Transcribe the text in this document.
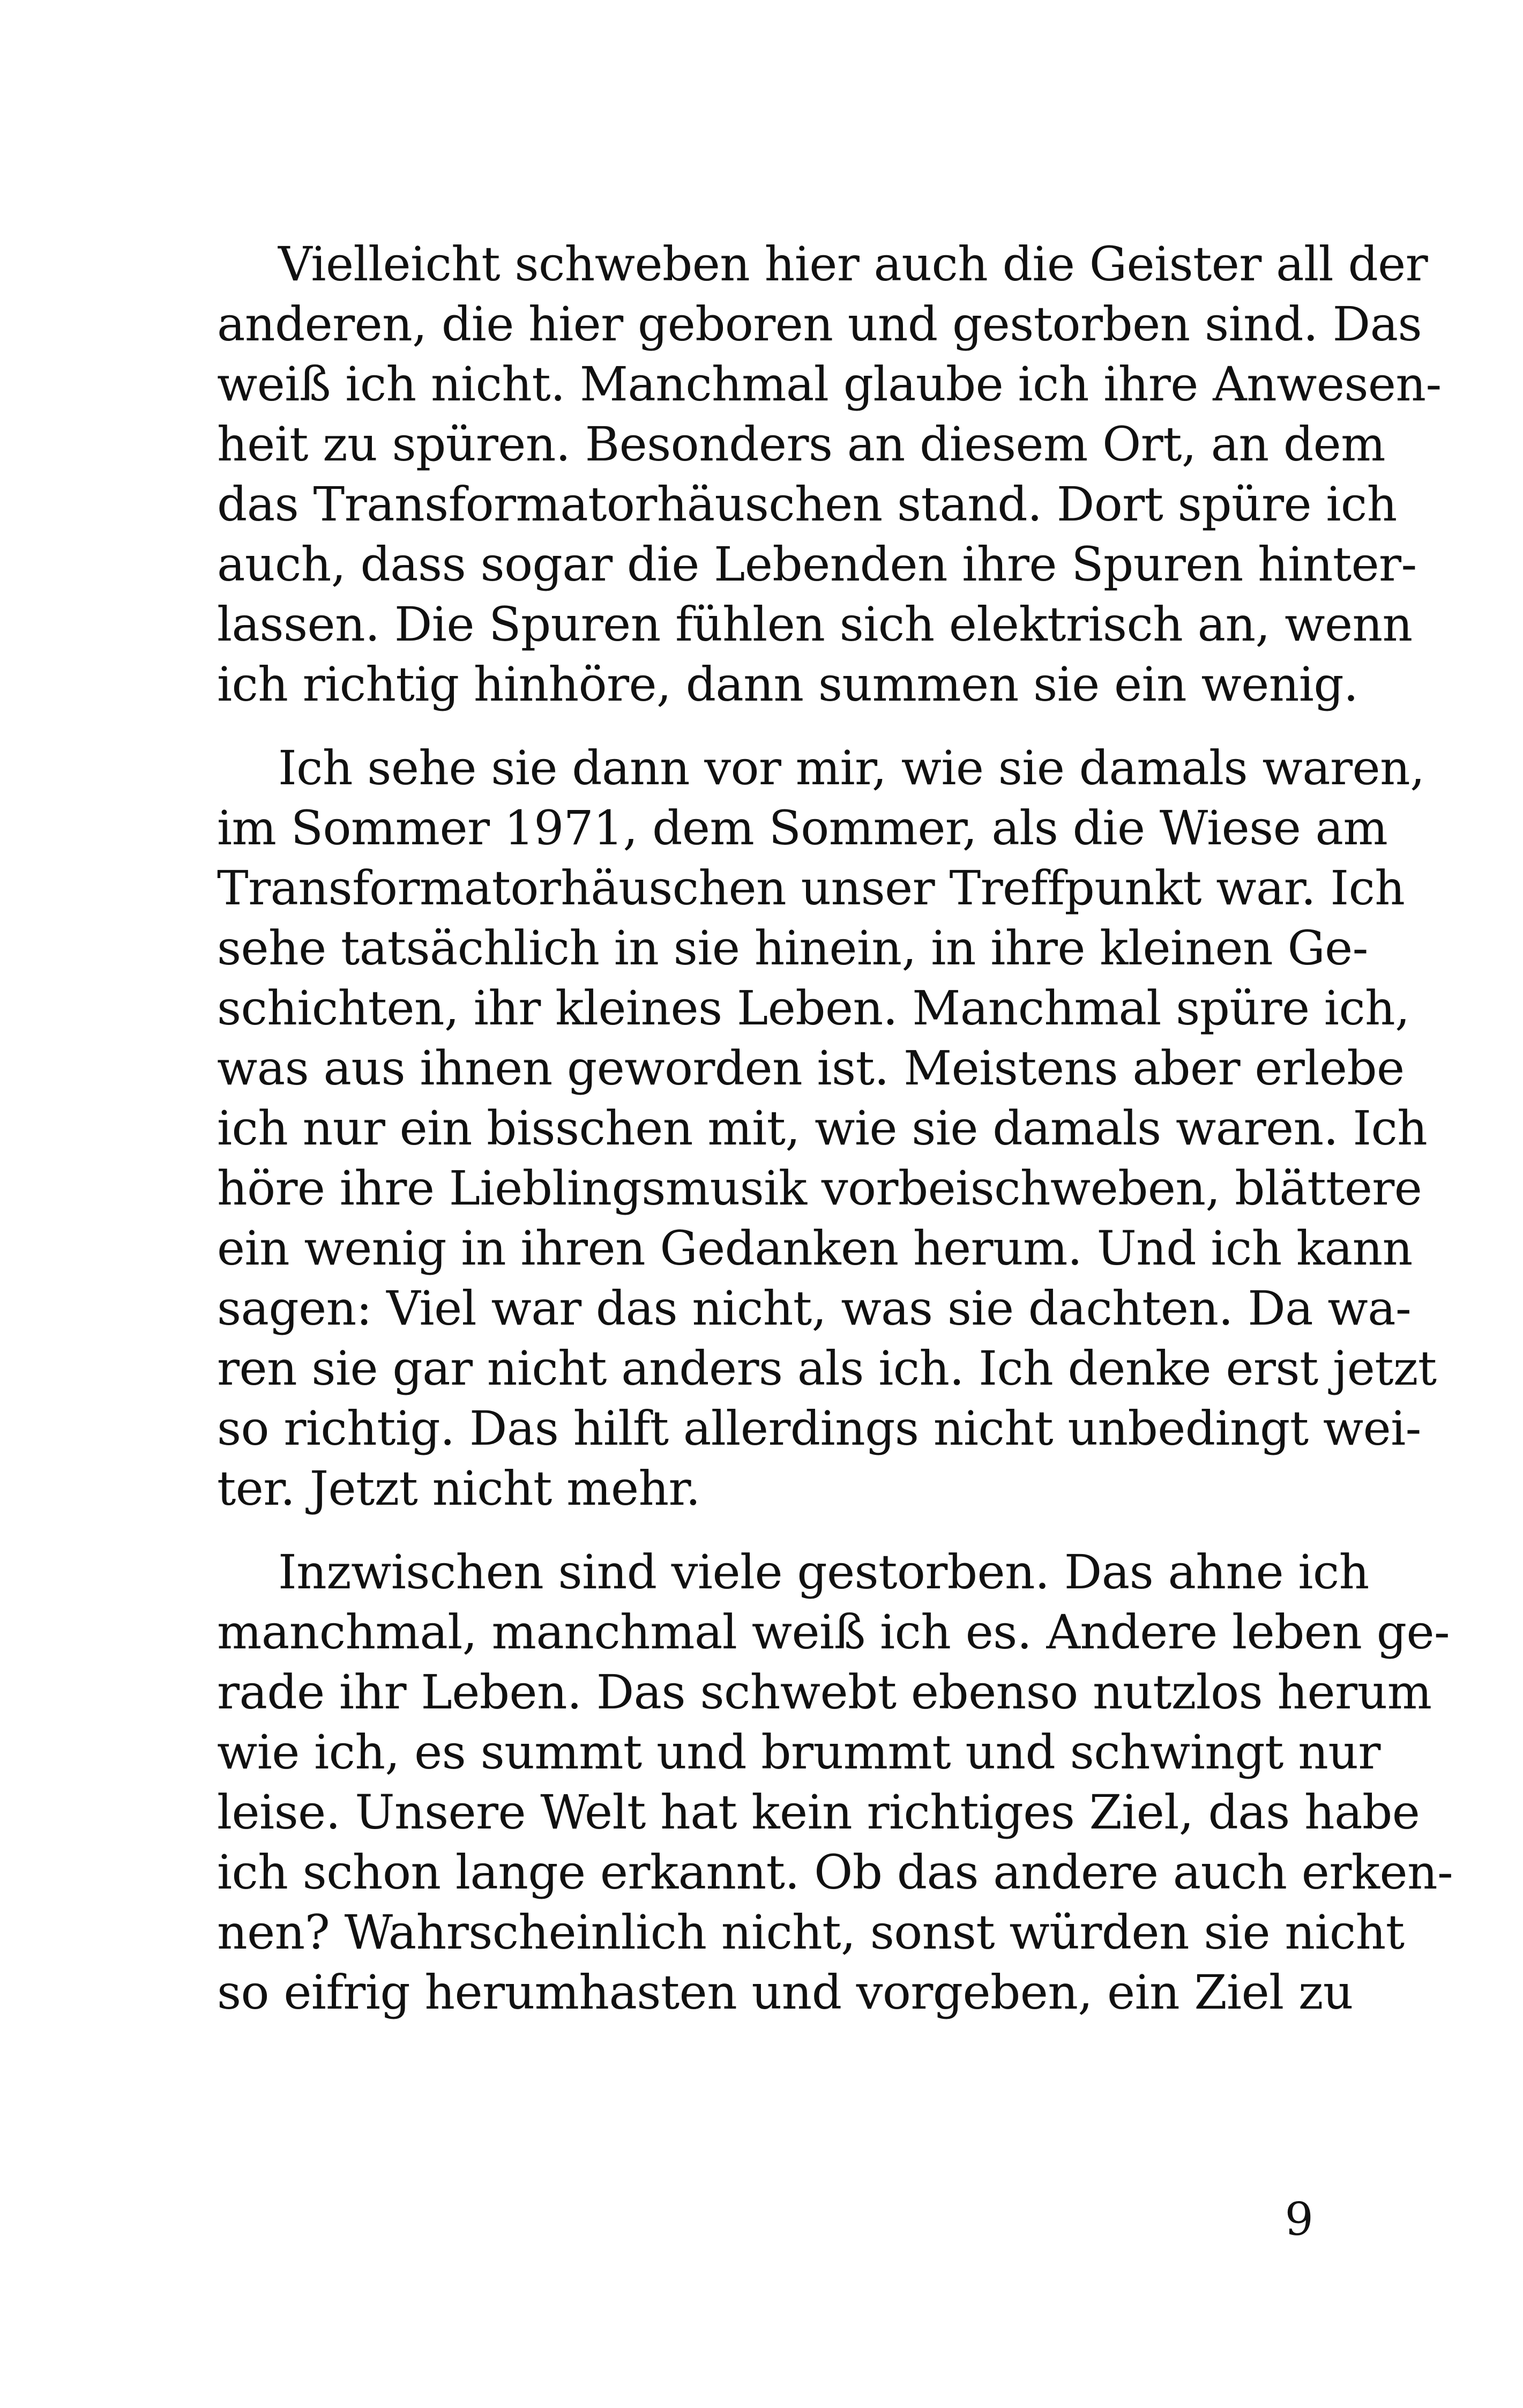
Vielleicht schweben hier auch die Geister all der
anderen, die hier geboren und gestorben sind. Das
weiß ich nicht. Manchmal glaube ich ihre Anwesen-
heit zu spüren. Besonders an diesem Ort, an dem
das Transformatorhäuschen stand. Dort spüre ich
auch, dass sogar die Lebenden ihre Spuren hinter-
lassen. Die Spuren fühlen sich elektrisch an, wenn
ich richtig hinhöre, dann summen sie ein wenig.

Ich sehe sie dann vor mir, wie sie damals waren,
im Sommer 1971, dem Sommer, als die Wiese am
Transformatorhäuschen unser Treffpunkt war. Ich
sehe tatsächlich in sie hinein, in ihre kleinen Ge-
schichten, ihr kleines Leben. Manchmal spüre ich,
was aus ihnen geworden ist. Meistens aber erlebe
ich nur ein bisschen mit, wie sie damals waren. Ich
höre ihre Lieblingsmusik vorbeischweben, blättere
ein wenig in ihren Gedanken herum. Und ich kann
sagen: Viel war das nicht, was sie dachten. Da wa-
ren sie gar nicht anders als ich. Ich denke erst jetzt
so richtig. Das hilft allerdings nicht unbedingt wei-
ter. Jetzt nicht mehr.

Inzwischen sind viele gestorben. Das ahne ich
manchmal, manchmal weiß ich es. Andere leben ge-
rade ihr Leben. Das schwebt ebenso nutzlos herum
wie ich, es summt und brummt und schwingt nur
leise. Unsere Welt hat kein richtiges Ziel, das habe
ich schon lange erkannt. Ob das andere auch erken-
nen? Wahrscheinlich nicht, sonst würden sie nicht
so eifrig herumhasten und vorgeben, ein Ziel zu

9
